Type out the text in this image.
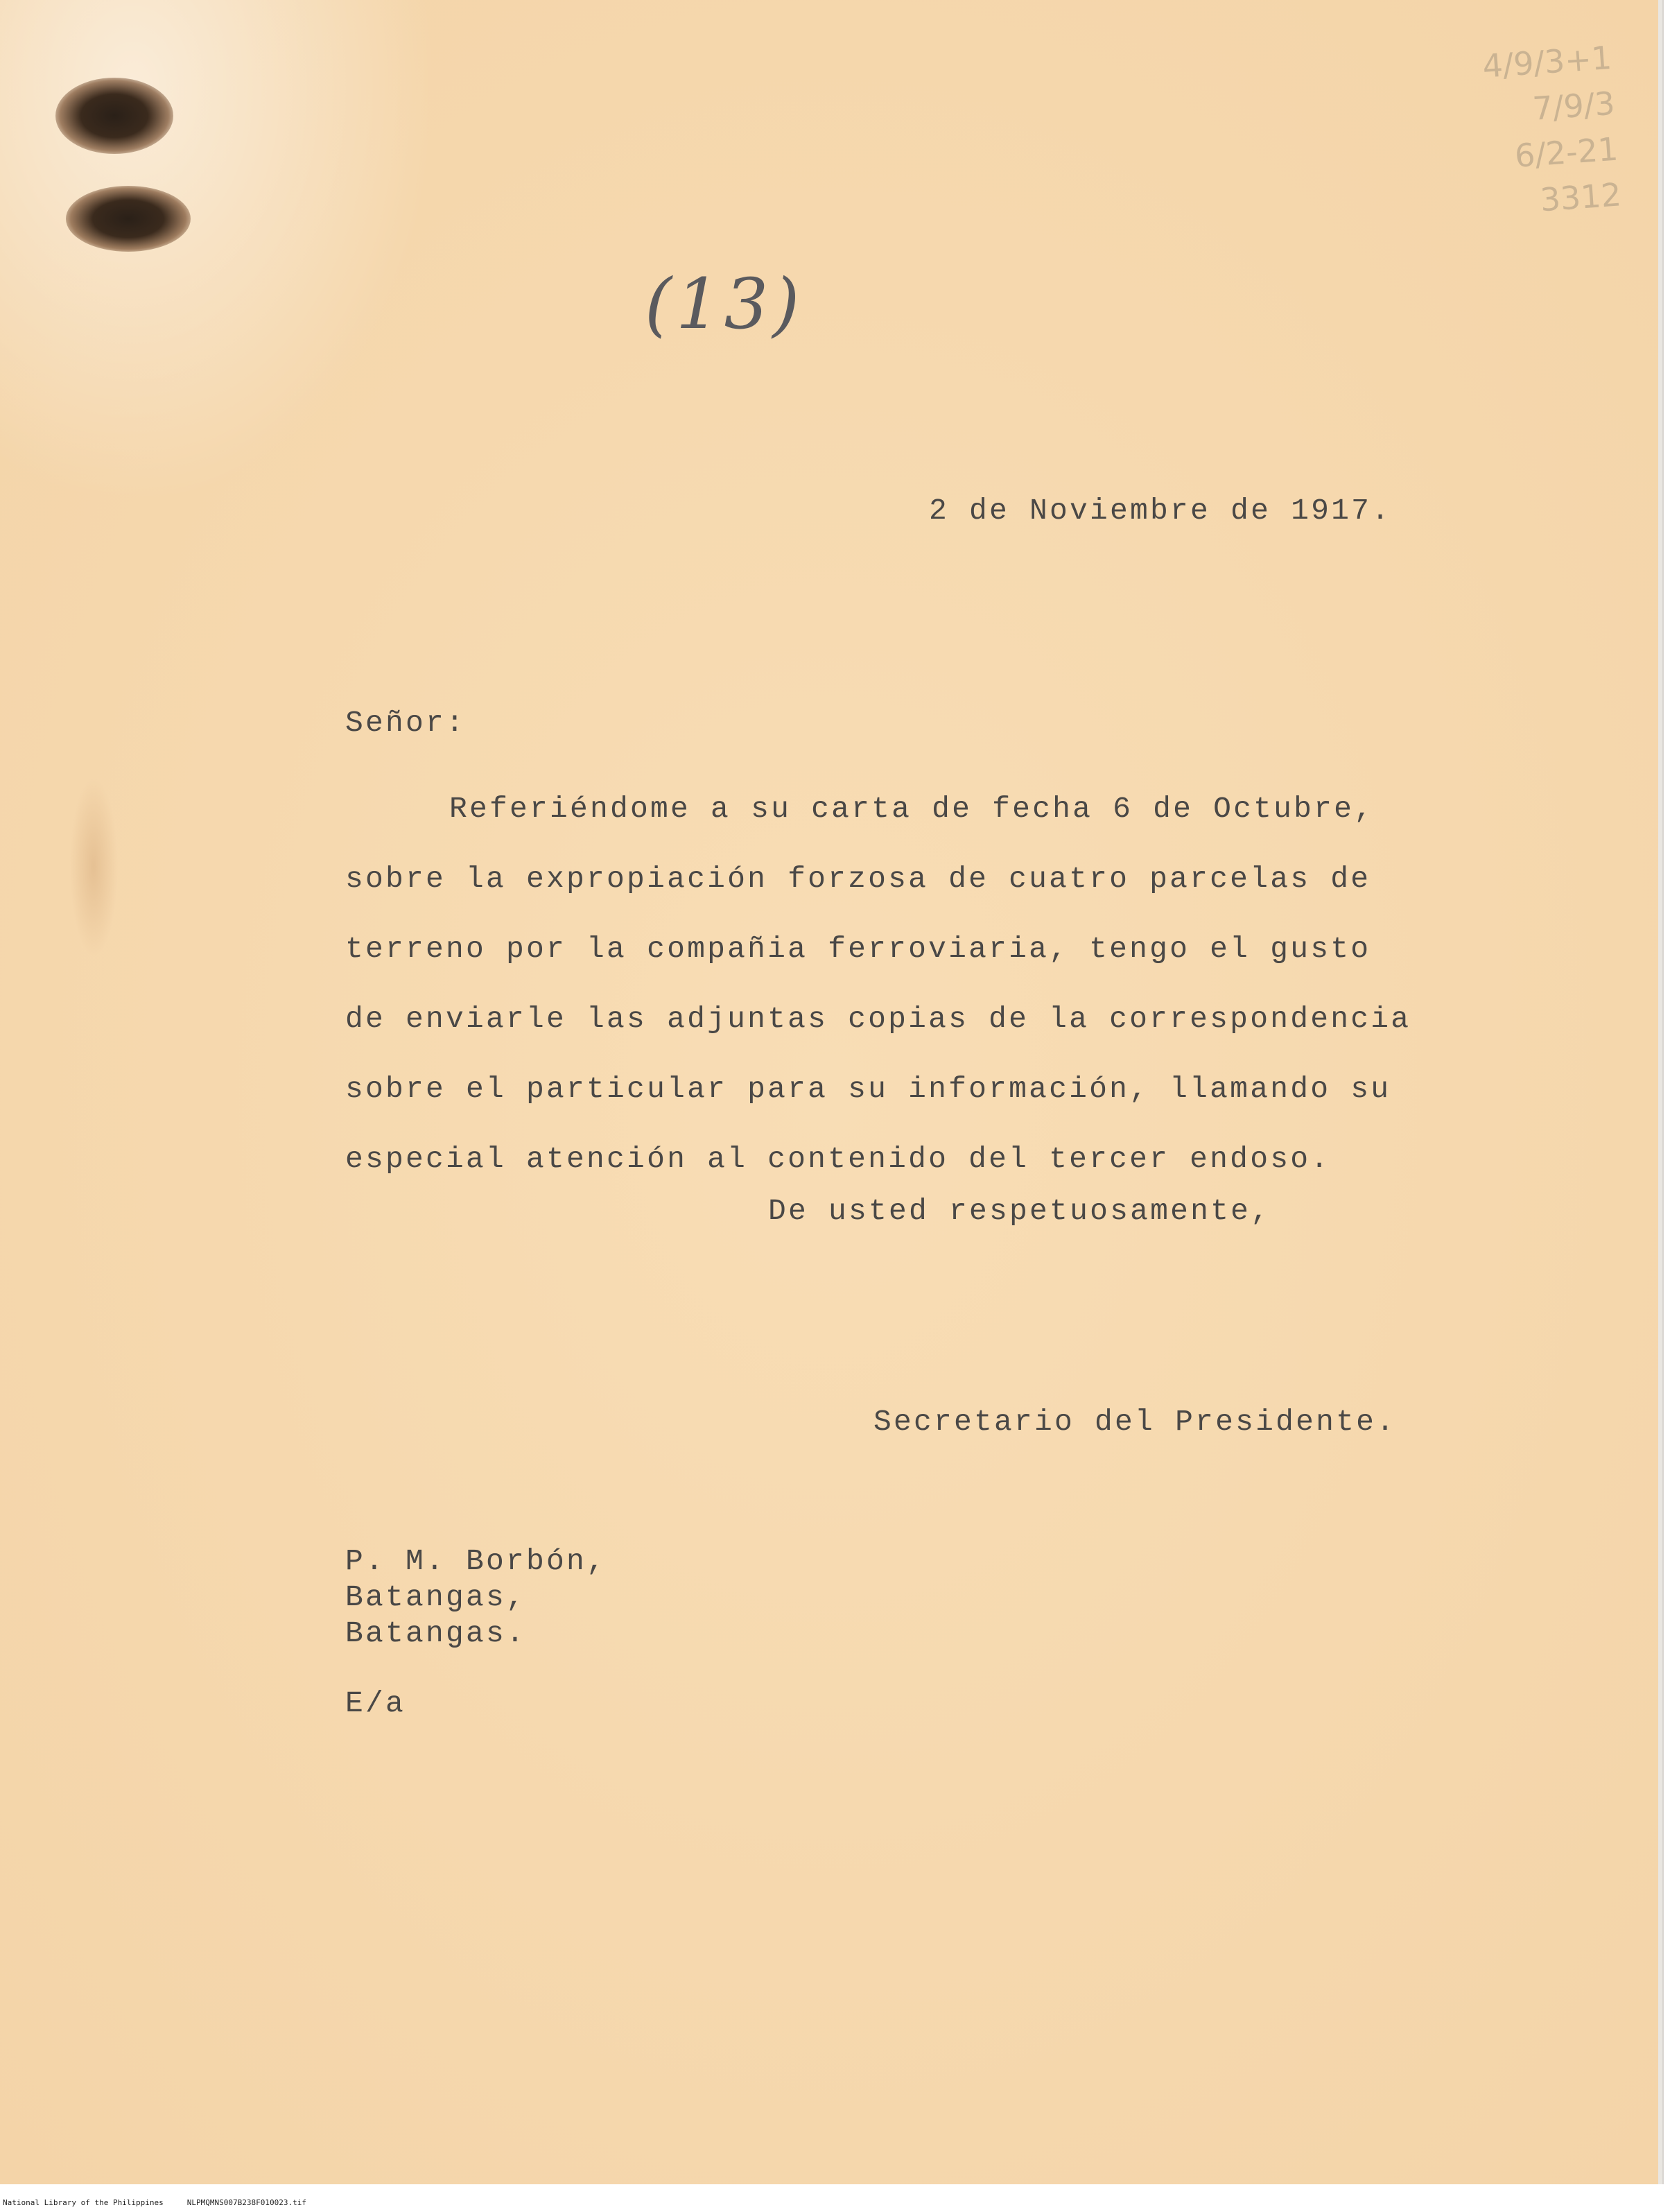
4/9/3+1
7/9/3
6/2-21
3312
(13)
2 de Noviembre de 1917.
Señor:
Referiéndome a su carta de fecha 6 de Octubre,
sobre la expropiación forzosa de cuatro parcelas de
terreno por la compañia ferroviaria, tengo el gusto
de enviarle las adjuntas copias de la correspondencia
sobre el particular para su información, llamando su
especial atención al contenido del tercer endoso.
De usted respetuosamente,
Secretario del Presidente.
P. M. Borbón,
Batangas,
Batangas.
E/a
National Library of the Philippines	NLPMQMNS007B238F010023.tif
